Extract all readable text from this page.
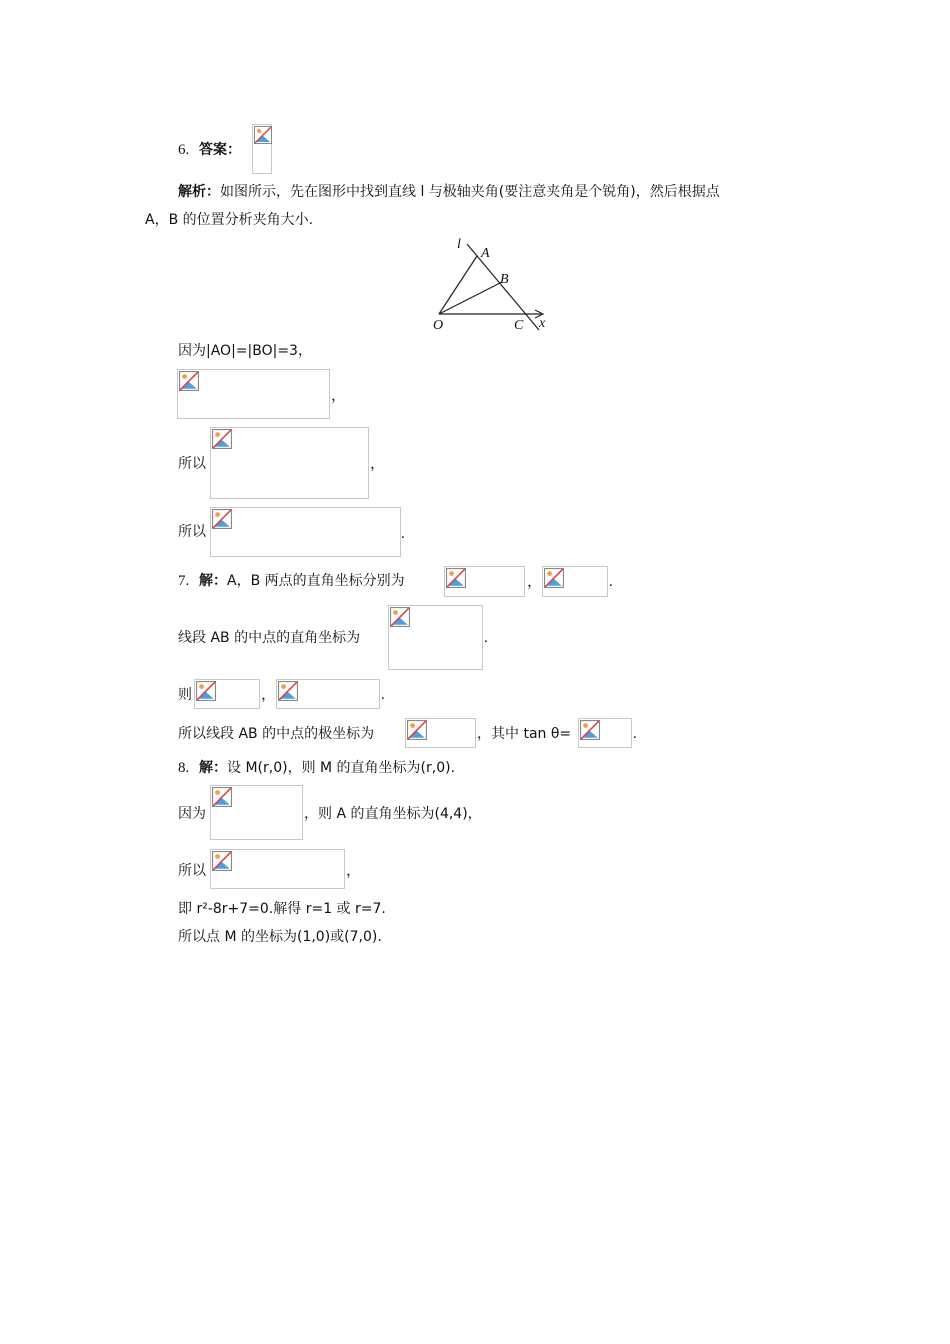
6. 答案：
解析：如图所示，先在图形中找到直线 l 与极轴夹角(要注意夹角是个锐角)，然后根据点
A，B 的位置分析夹角大小.
l
A
B
O	C x
因为|AO|=|BO|=3，
，
所以	，
所以	.
7. 解：A，B 两点的直角坐标分别为	，	.
线段 AB 的中点的直角坐标为	.
则	，	.
所以线段 AB 的中点的极坐标为	，其中 tan θ=	.
8. 解：设 M(r,0)，则 M 的直角坐标为(r,0).
因为	，则 A 的直角坐标为(4,4)，
所以	，
即 r²-8r+7=0.解得 r=1 或 r=7.
所以点 M 的坐标为(1,0)或(7,0).
